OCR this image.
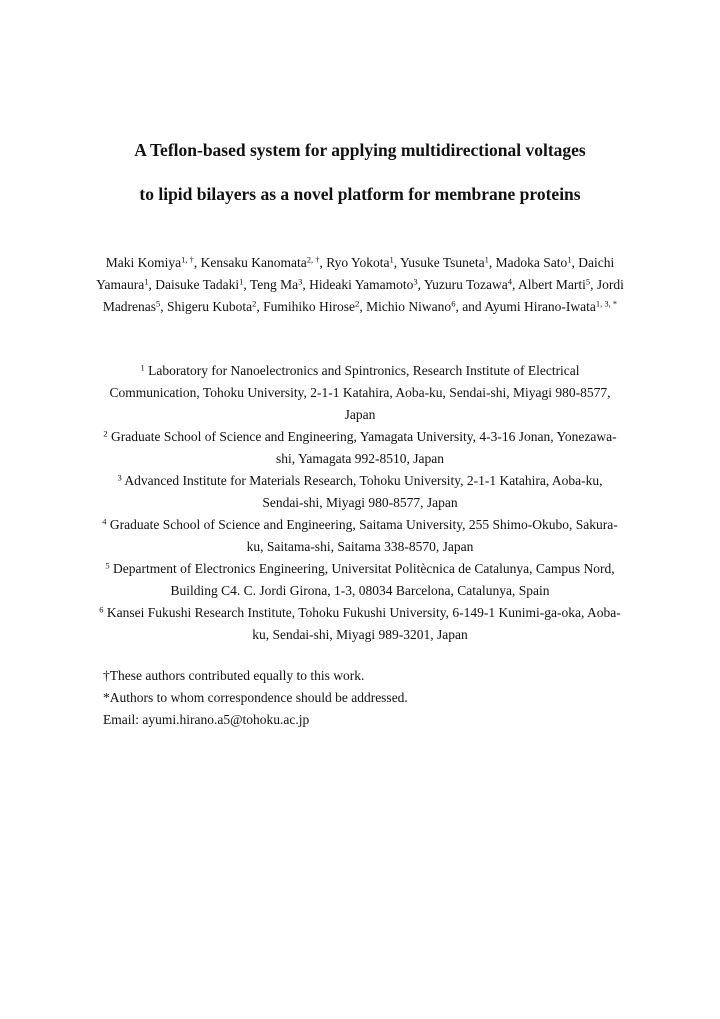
A Teflon-based system for applying multidirectional voltages
to lipid bilayers as a novel platform for membrane proteins
Maki Komiya$^{1, \dagger}$, Kensaku Kanomata$^{2, \dagger}$, Ryo Yokota$^1$, Yusuke Tsuneta$^1$, Madoka Sato$^1$, Daichi Yamaura$^1$, Daisuke Tadaki$^1$, Teng Ma$^3$, Hideaki Yamamoto$^3$, Yuzuru Tozawa$^4$, Albert Marti$^5$, Jordi Madrenas$^5$, Shigeru Kubota$^2$, Fumihiko Hirose$^2$, Michio Niwano$^6$, and Ayumi Hirano-Iwata$^{1, 3, *}$
$^1$ Laboratory for Nanoelectronics and Spintronics, Research Institute of Electrical Communication, Tohoku University, 2-1-1 Katahira, Aoba-ku, Sendai-shi, Miyagi 980-8577, Japan
$^2$ Graduate School of Science and Engineering, Yamagata University, 4-3-16 Jonan, Yonezawa-shi, Yamagata 992-8510, Japan
$^3$ Advanced Institute for Materials Research, Tohoku University, 2-1-1 Katahira, Aoba-ku, Sendai-shi, Miyagi 980-8577, Japan
$^4$ Graduate School of Science and Engineering, Saitama University, 255 Shimo-Okubo, Sakura-ku, Saitama-shi, Saitama 338-8570, Japan
$^5$ Department of Electronics Engineering, Universitat Politècnica de Catalunya, Campus Nord, Building C4. C. Jordi Girona, 1-3, 08034 Barcelona, Catalunya, Spain
$^6$ Kansei Fukushi Research Institute, Tohoku Fukushi University, 6-149-1 Kunimi-ga-oka, Aoba-ku, Sendai-shi, Miyagi 989-3201, Japan
†These authors contributed equally to this work.
*Authors to whom correspondence should be addressed.
Email: ayumi.hirano.a5@tohoku.ac.jp
